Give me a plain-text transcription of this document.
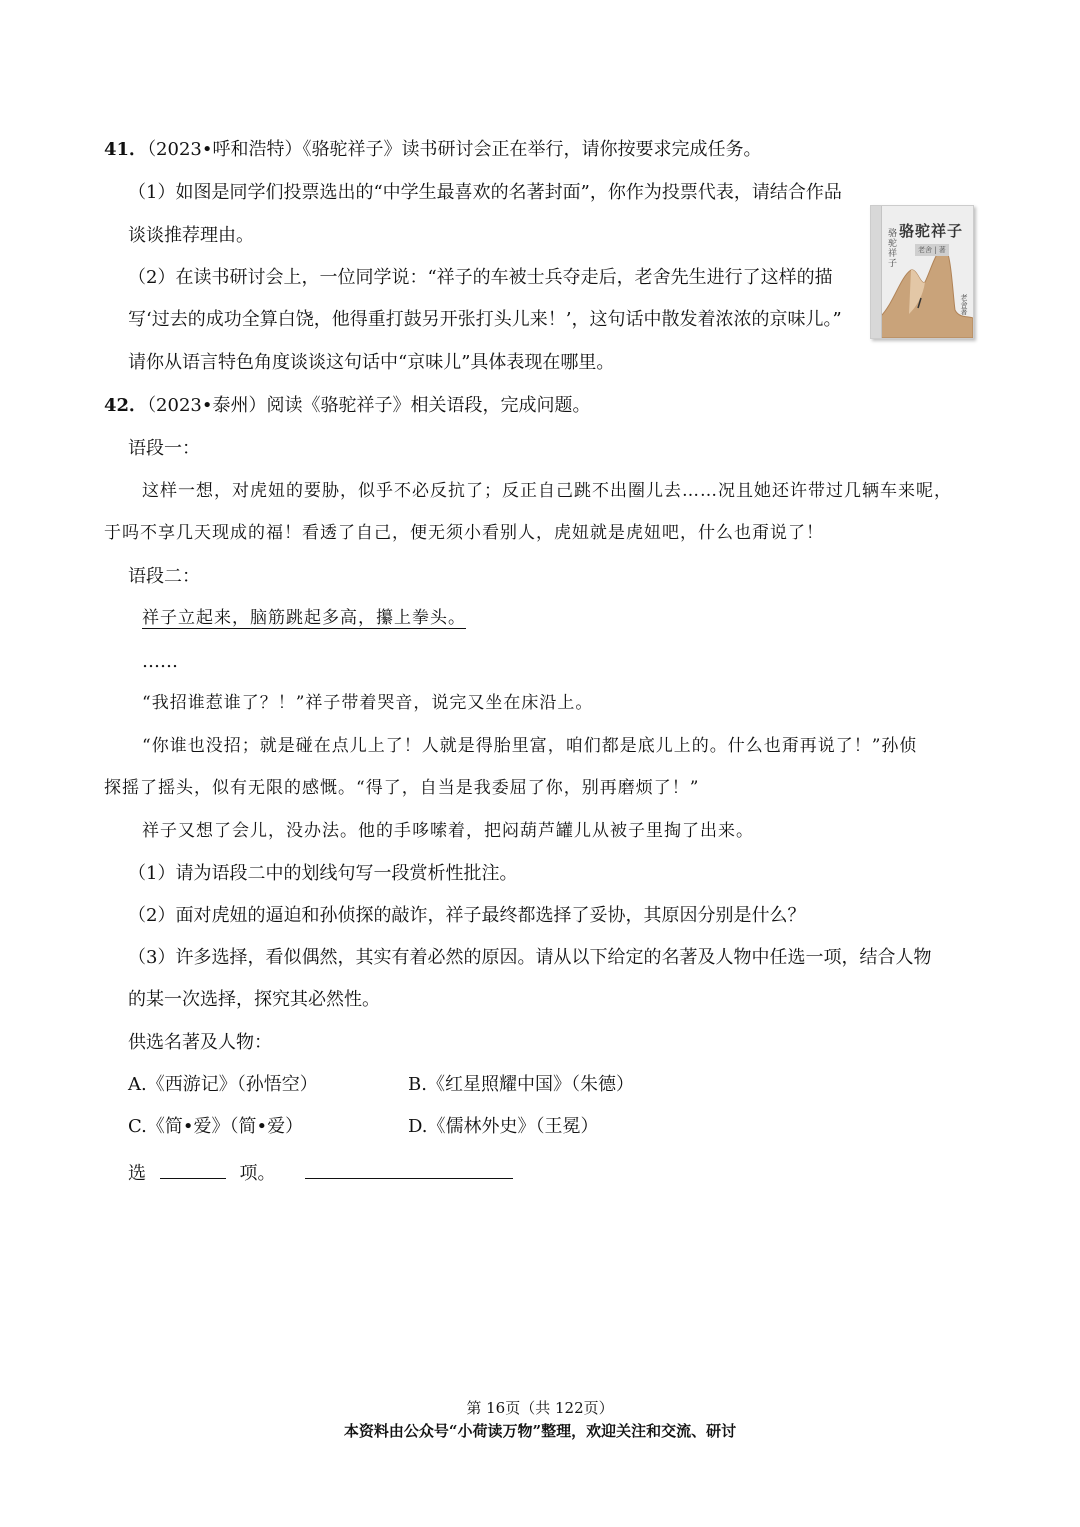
41．（2023•呼和浩特）《骆驼祥子》读书研讨会正在举行，请你按要求完成任务。
（1）如图是同学们投票选出的“中学生最喜欢的名著封面”，你作为投票代表，请结合作品
谈谈推荐理由。
（2）在读书研讨会上，一位同学说：“祥子的车被士兵夺走后，老舍先生进行了这样的描
写‘过去的成功全算白饶，他得重打鼓另开张打头儿来！’，这句话中散发着浓浓的京味儿。”
请你从语言特色角度谈谈这句话中“京味儿”具体表现在哪里。
骆驼祥子
老舍 | 著
骆驼祥子
老舍著
42．（2023•泰州）阅读《骆驼祥子》相关语段，完成问题。
语段一：
这样一想，对虎妞的要胁，似乎不必反抗了；反正自己跳不出圈儿去……况且她还许带过几辆车来呢，
于吗不享几天现成的福！看透了自己，便无须小看别人，虎妞就是虎妞吧，什么也甭说了！
语段二：
祥子立起来，脑筋跳起多高，攥上拳头。
……
“我招谁惹谁了？！”祥子带着哭音，说完又坐在床沿上。
“你谁也没招；就是碰在点儿上了！人就是得胎里富，咱们都是底儿上的。什么也甭再说了！”孙侦
探摇了摇头，似有无限的感慨。“得了，自当是我委屈了你，别再磨烦了！”
祥子又想了会儿，没办法。他的手哆嗦着，把闷葫芦罐儿从被子里掏了出来。
（1）请为语段二中的划线句写一段赏析性批注。
（2）面对虎妞的逼迫和孙侦探的敲诈，祥子最终都选择了妥协，其原因分别是什么？
（3）许多选择，看似偶然，其实有着必然的原因。请从以下给定的名著及人物中任选一项，结合人物
的某一次选择，探究其必然性。
供选名著及人物：
A.《西游记》（孙悟空）	B.《红星照耀中国》（朱德）
C.《简•爱》（简•爱）	D.《儒林外史》（王冕）
选	项。
第 16页（共 122页）
本资料由公众号“小荷读万物”整理，欢迎关注和交流、研讨
